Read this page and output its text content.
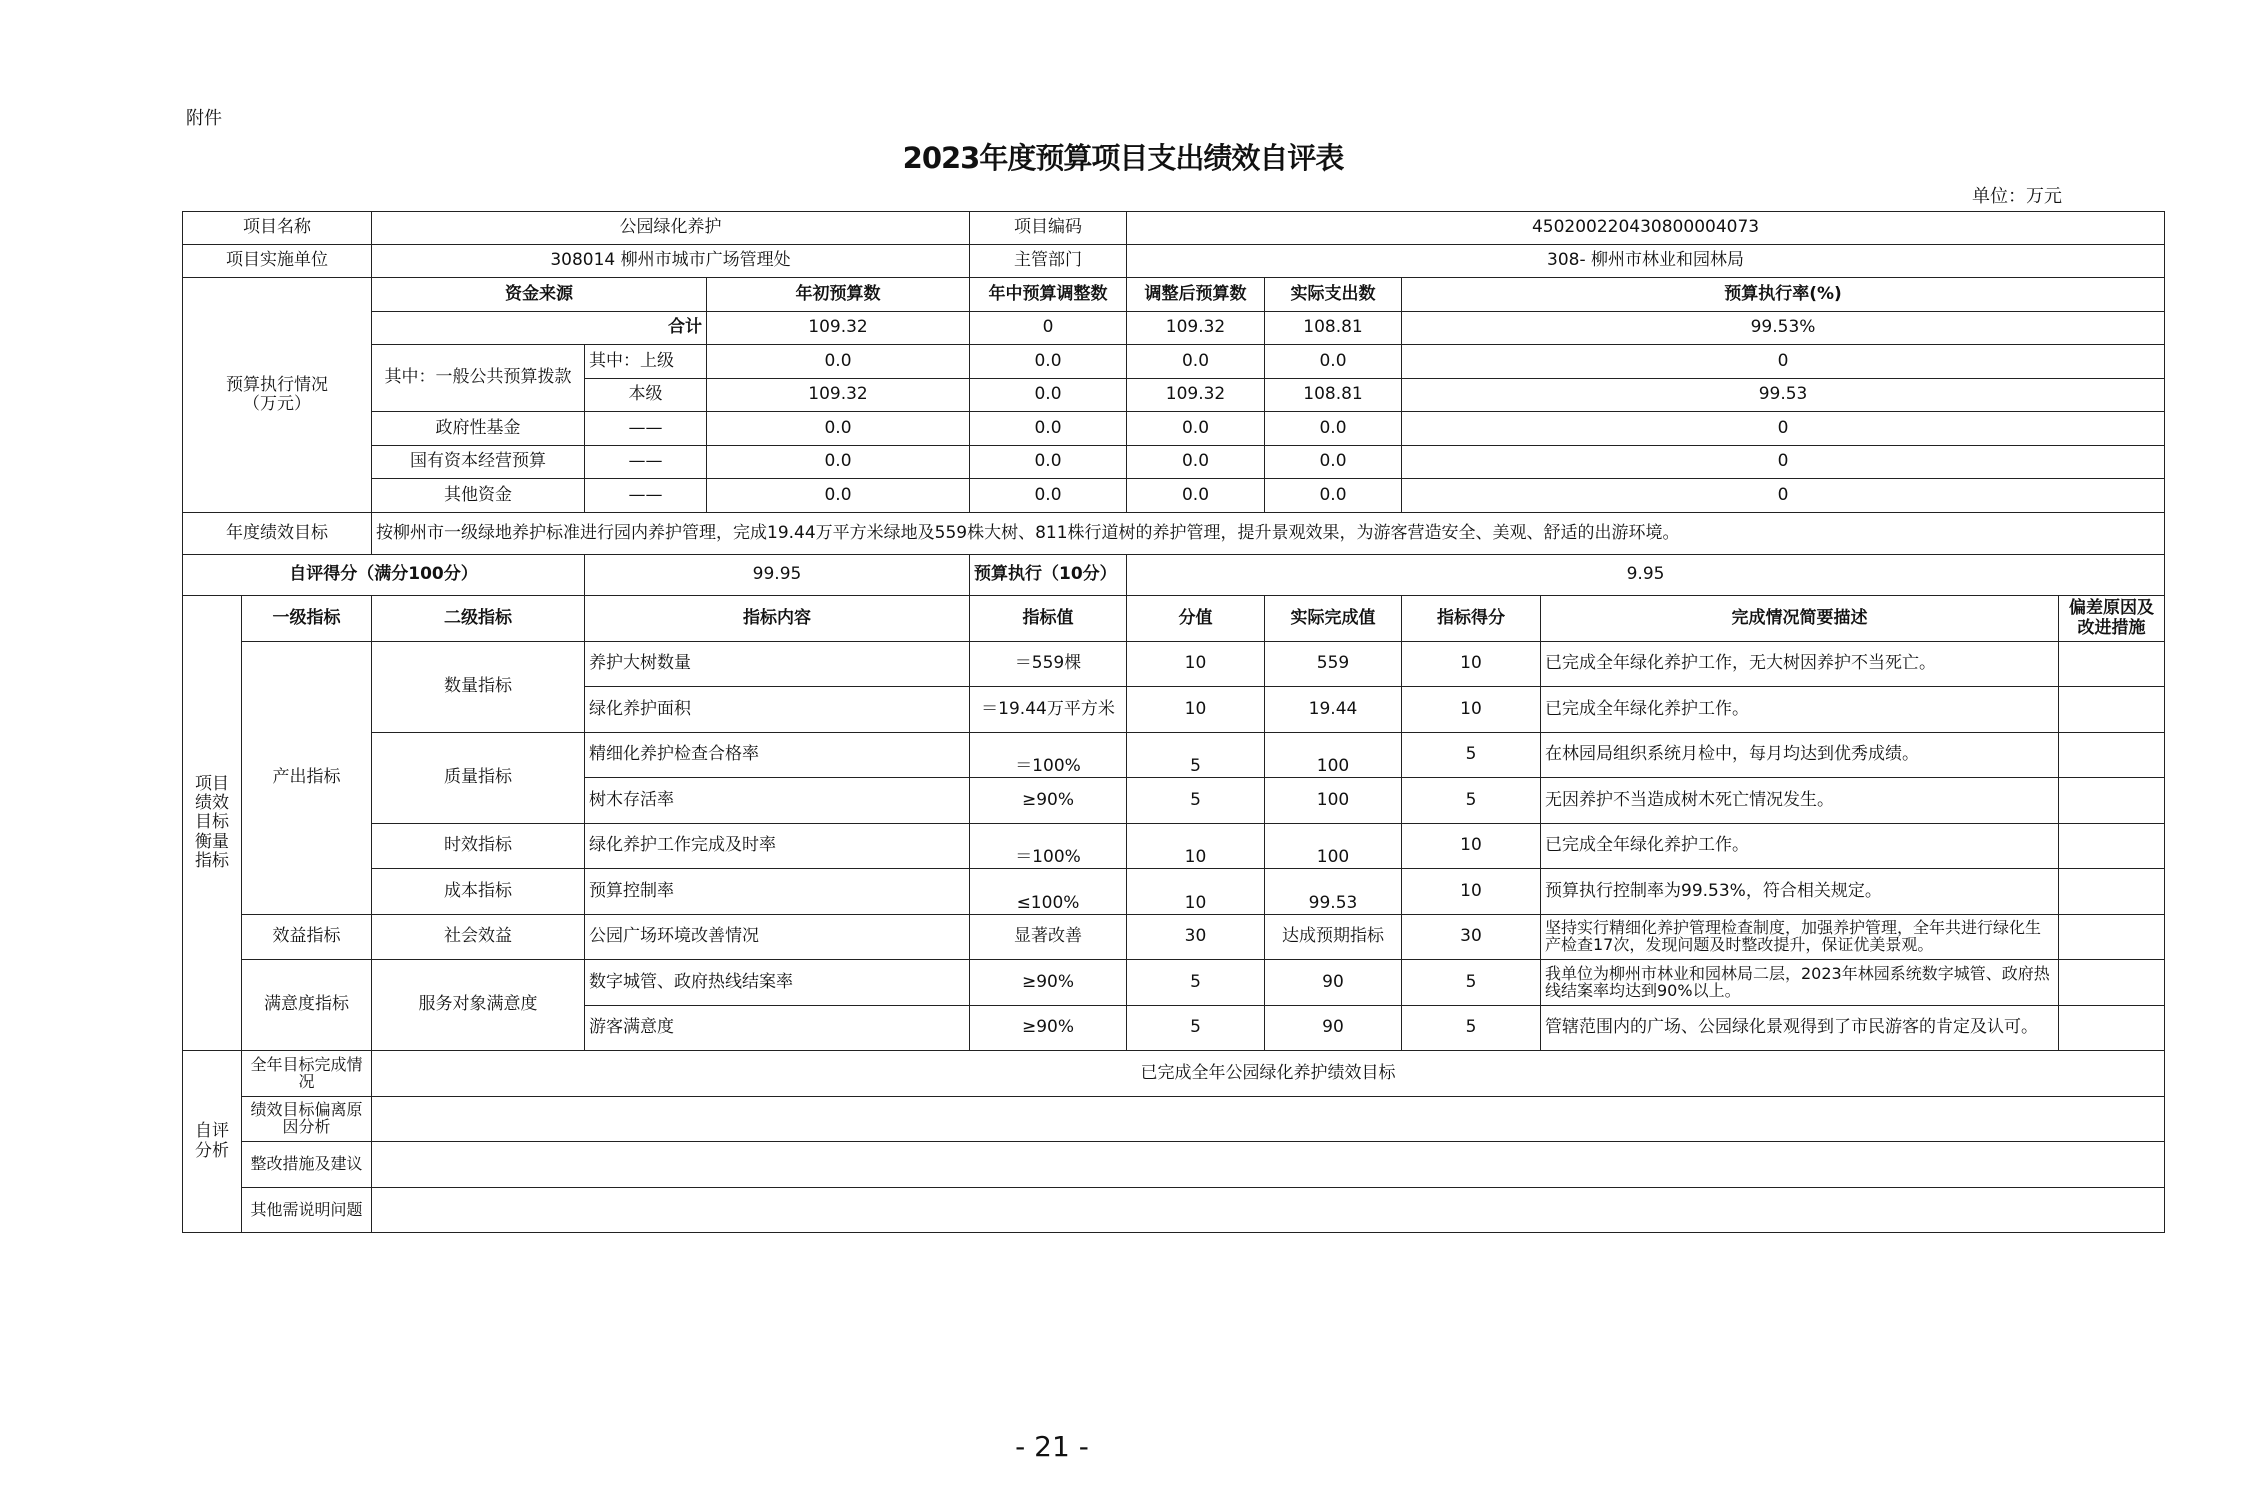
附件
2023年度预算项目支出绩效自评表
单位：万元
项目名称		公园绿化养护			项目编码	450200220430800004073				
项目实施单位		308014 柳州市城市广场管理处			主管部门	308- 柳州市林业和园林局				
预算执行情况
（万元）		资金来源		年初预算数	年中预算调整数	调整后预算数	实际支出数	预算执行率(%)		
		合计		109.32	0	109.32	108.81	99.53%		
		其中：一般公共预算拨款	其中：上级	0.0	0.0	0.0	0.0	0		
			本级	109.32	0.0	109.32	108.81	99.53		
		政府性基金	——	0.0	0.0	0.0	0.0	0		
		国有资本经营预算	——	0.0	0.0	0.0	0.0	0		
		其他资金	——	0.0	0.0	0.0	0.0	0		
年度绩效目标		按柳州市一级绿地养护标准进行园内养护管理，完成19.44万平方米绿地及559株大树、811株行道树的养护管理，提升景观效果，为游客营造安全、美观、舒适的出游环境。								
自评得分（满分100分）			99.95		预算执行（10分）	9.95				
项目
绩效
目标
衡量
指标	一级指标	二级指标	指标内容		指标值	分值	实际完成值	指标得分	完成情况简要描述	偏差原因及改进措施
	产出指标	数量指标	养护大树数量		＝559棵	10	559	10	已完成全年绿化养护工作，无大树因养护不当死亡。	
			绿化养护面积		＝19.44万平方米	10	19.44	10	已完成全年绿化养护工作。	
		质量指标	精细化养护检查合格率		＝100%	5	100	5	在林园局组织系统月检中，每月均达到优秀成绩。	
			树木存活率		≥90%	5	100	5	无因养护不当造成树木死亡情况发生。	
		时效指标	绿化养护工作完成及时率		＝100%	10	100	10	已完成全年绿化养护工作。	
		成本指标	预算控制率		≤100%	10	99.53	10	预算执行控制率为99.53%，符合相关规定。	
	效益指标	社会效益	公园广场环境改善情况		显著改善	30	达成预期指标	30	坚持实行精细化养护管理检查制度，加强养护管理，全年共进行绿化生产检查17次，发现问题及时整改提升，保证优美景观。	
	满意度指标	服务对象满意度	数字城管、政府热线结案率		≥90%	5	90	5	我单位为柳州市林业和园林局二层，2023年林园系统数字城管、政府热线结案率均达到90%以上。	
			游客满意度		≥90%	5	90	5	管辖范围内的广场、公园绿化景观得到了市民游客的肯定及认可。	
自评
分析	全年目标完成情况	已完成全年公园绿化养护绩效目标								
	绩效目标偏离原因分析									
	整改措施及建议									
	其他需说明问题									
- 21 -
